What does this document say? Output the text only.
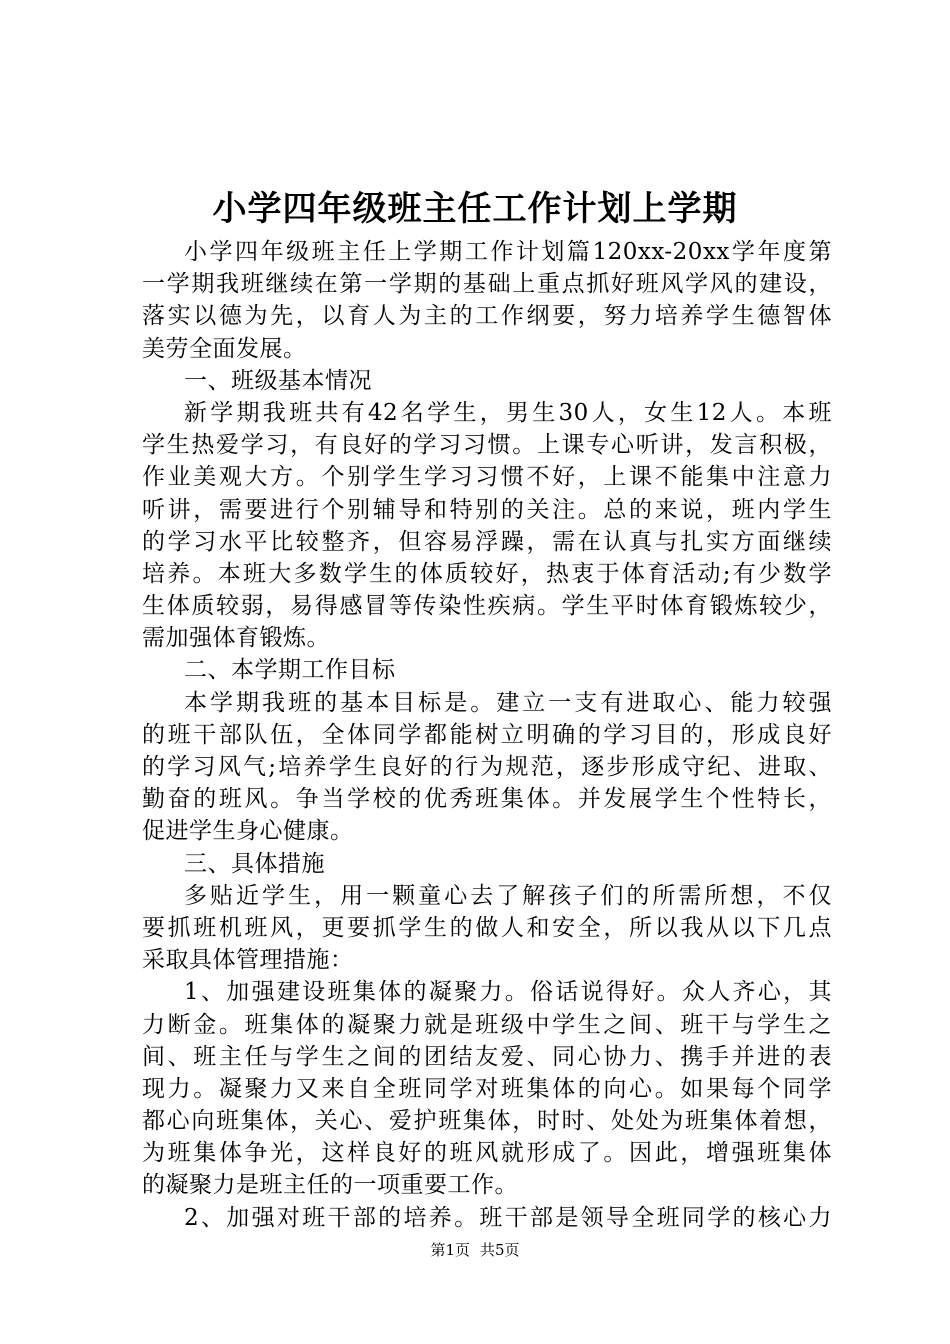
小学四年级班主任工作计划上学期
小学四年级班主任上学期工作计划篇120xx-20xx学年度第
一学期我班继续在第一学期的基础上重点抓好班风学风的建设，
落实以德为先，以育人为主的工作纲要，努力培养学生德智体
美劳全面发展。
一、班级基本情况
新学期我班共有42名学生，男生30人，女生12人。本班
学生热爱学习，有良好的学习习惯。上课专心听讲，发言积极，
作业美观大方。个别学生学习习惯不好，上课不能集中注意力
听讲，需要进行个别辅导和特别的关注。总的来说，班内学生
的学习水平比较整齐，但容易浮躁，需在认真与扎实方面继续
培养。本班大多数学生的体质较好，热衷于体育活动;有少数学
生体质较弱，易得感冒等传染性疾病。学生平时体育锻炼较少，
需加强体育锻炼。
二、本学期工作目标
本学期我班的基本目标是。建立一支有进取心、能力较强
的班干部队伍，全体同学都能树立明确的学习目的，形成良好
的学习风气;培养学生良好的行为规范，逐步形成守纪、进取、
勤奋的班风。争当学校的优秀班集体。并发展学生个性特长，
促进学生身心健康。
三、具体措施
多贴近学生，用一颗童心去了解孩子们的所需所想，不仅
要抓班机班风，更要抓学生的做人和安全，所以我从以下几点
采取具体管理措施：
1、加强建设班集体的凝聚力。俗话说得好。众人齐心，其
力断金。班集体的凝聚力就是班级中学生之间、班干与学生之
间、班主任与学生之间的团结友爱、同心协力、携手并进的表
现力。凝聚力又来自全班同学对班集体的向心。如果每个同学
都心向班集体，关心、爱护班集体，时时、处处为班集体着想，
为班集体争光，这样良好的班风就形成了。因此，增强班集体
的凝聚力是班主任的一项重要工作。
2、加强对班干部的培养。班干部是领导全班同学的核心力
第1页 共5页
